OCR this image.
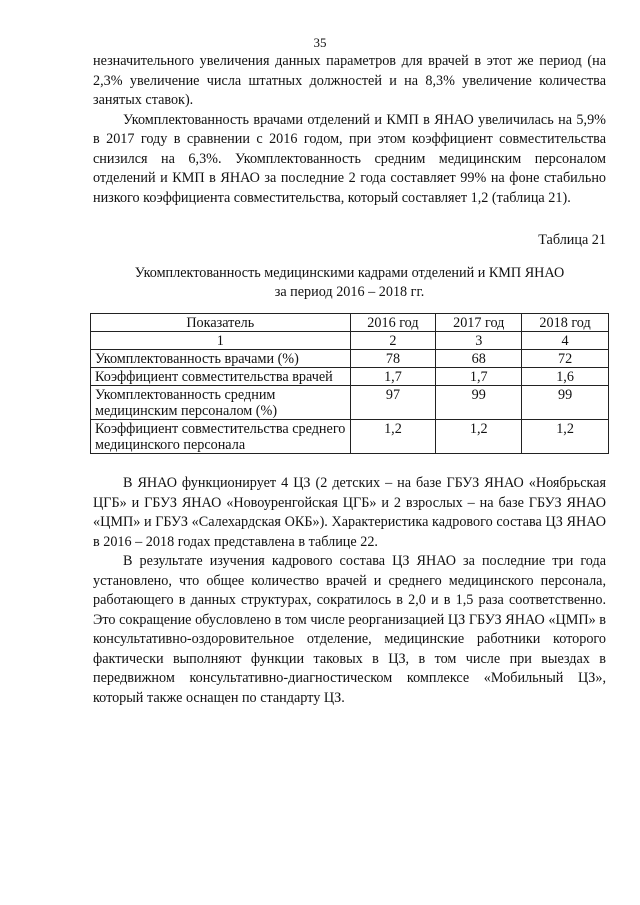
35

незначительного увеличения данных параметров для врачей в этот же период (на 2,3% увеличение числа штатных должностей и на 8,3% увеличение количества занятых ставок).

Укомплектованность врачами отделений и КМП в ЯНАО увеличилась на 5,9% в 2017 году в сравнении с 2016 годом, при этом коэффициент совместительства снизился на 6,3%. Укомплектованность средним медицинским персоналом отделений и КМП в ЯНАО за последние 2 года составляет 99% на фоне стабильно низкого коэффициента совместительства, который составляет 1,2 (таблица 21).

Таблица 21
Укомплектованность медицинскими кадрами отделений и КМП ЯНАО
за период 2016 – 2018 гг.
Показатель	2016 год	2017 год	2018 год
1	2	3	4
Укомплектованность врачами (%)	78	68	72
Коэффициент совместительства врачей	1,7	1,7	1,6
Укомплектованность средним медицинским персоналом (%)	97	99	99
Коэффициент совместительства среднего медицинского персонала	1,2	1,2	1,2

В ЯНАО функционирует 4 ЦЗ (2 детских – на базе ГБУЗ ЯНАО «Ноябрьская ЦГБ» и ГБУЗ ЯНАО «Новоуренгойская ЦГБ» и 2 взрослых – на базе ГБУЗ ЯНАО «ЦМП» и ГБУЗ «Салехардская ОКБ»). Характеристика кадрового состава ЦЗ ЯНАО в 2016 – 2018 годах представлена в таблице 22.

В результате изучения кадрового состава ЦЗ ЯНАО за последние три года установлено, что общее количество врачей и среднего медицинского персонала, работающего в данных структурах, сократилось в 2,0 и в 1,5 раза соответственно. Это сокращение обусловлено в том числе реорганизацией ЦЗ ГБУЗ ЯНАО «ЦМП» в консультативно-оздоровительное отделение, медицинские работники которого фактически выполняют функции таковых в ЦЗ, в том числе при выездах в передвижном консультативно-диагностическом комплексе «Мобильный ЦЗ», который также оснащен по стандарту ЦЗ.
